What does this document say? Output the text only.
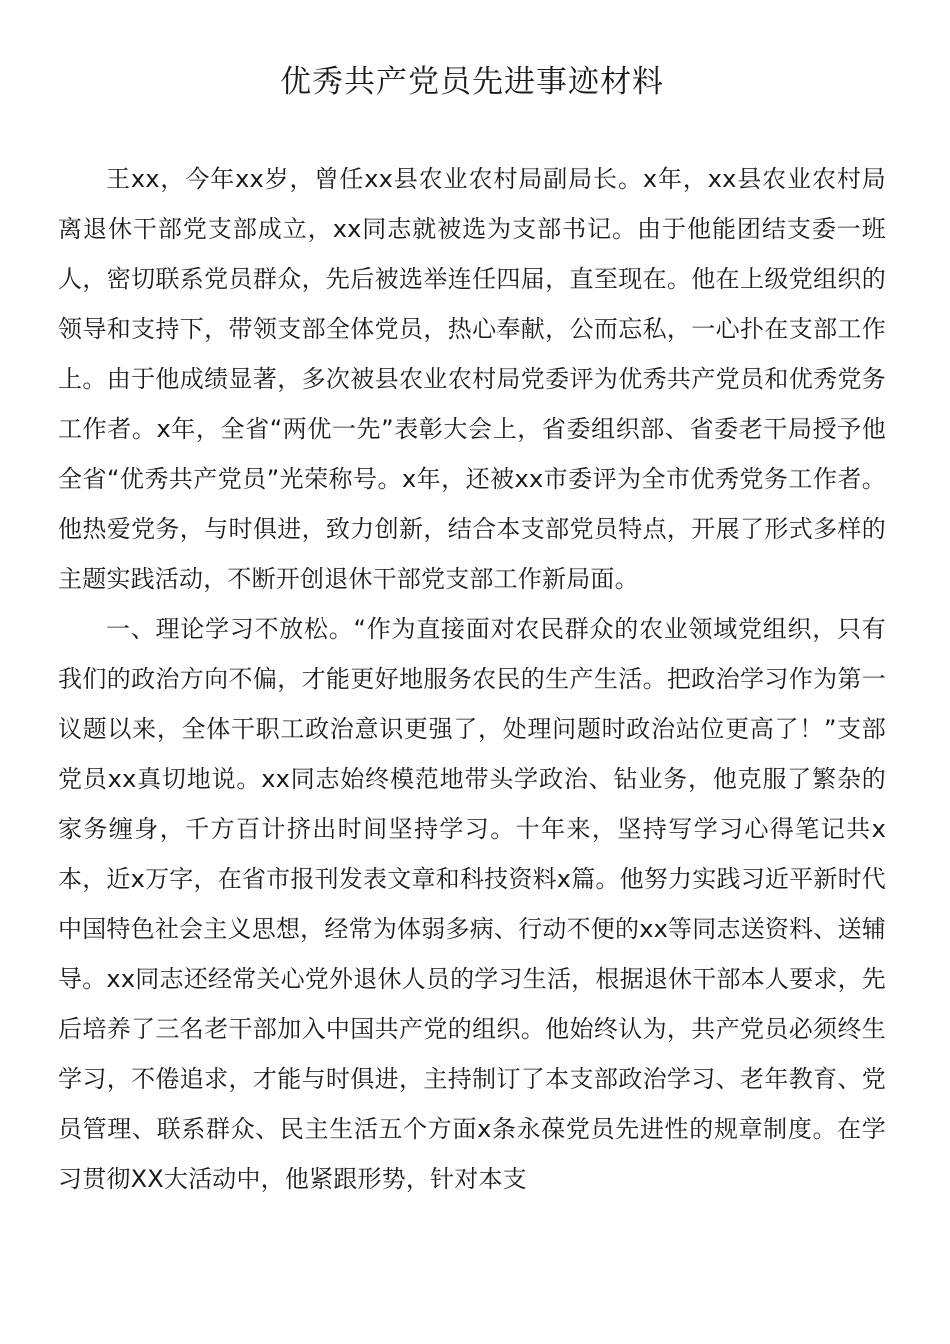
优秀共产党员先进事迹材料

王xx，今年xx岁，曾任xx县农业农村局副局长。x年，xx县农业农村局离退休干部党支部成立，xx同志就被选为支部书记。由于他能团结支委一班人，密切联系党员群众，先后被选举连任四届，直至现在。他在上级党组织的领导和支持下，带领支部全体党员，热心奉献，公而忘私，一心扑在支部工作上。由于他成绩显著，多次被县农业农村局党委评为优秀共产党员和优秀党务工作者。x年，全省“两优一先”表彰大会上，省委组织部、省委老干局授予他全省“优秀共产党员”光荣称号。x年，还被xx市委评为全市优秀党务工作者。他热爱党务，与时俱进，致力创新，结合本支部党员特点，开展了形式多样的主题实践活动，不断开创退休干部党支部工作新局面。

一、理论学习不放松。“作为直接面对农民群众的农业领域党组织，只有我们的政治方向不偏，才能更好地服务农民的生产生活。把政治学习作为第一议题以来，全体干职工政治意识更强了，处理问题时政治站位更高了！”支部党员xx真切地说。xx同志始终模范地带头学政治、钻业务，他克服了繁杂的家务缠身，千方百计挤出时间坚持学习。十年来，坚持写学习心得笔记共x本，近x万字，在省市报刊发表文章和科技资料x篇。他努力实践习近平新时代中国特色社会主义思想，经常为体弱多病、行动不便的xx等同志送资料、送辅导。xx同志还经常关心党外退休人员的学习生活，根据退休干部本人要求，先后培养了三名老干部加入中国共产党的组织。他始终认为，共产党员必须终生学习，不倦追求，才能与时俱进，主持制订了本支部政治学习、老年教育、党员管理、联系群众、民主生活五个方面x条永葆党员先进性的规章制度。在学习贯彻XX大活动中，他紧跟形势，针对本支
